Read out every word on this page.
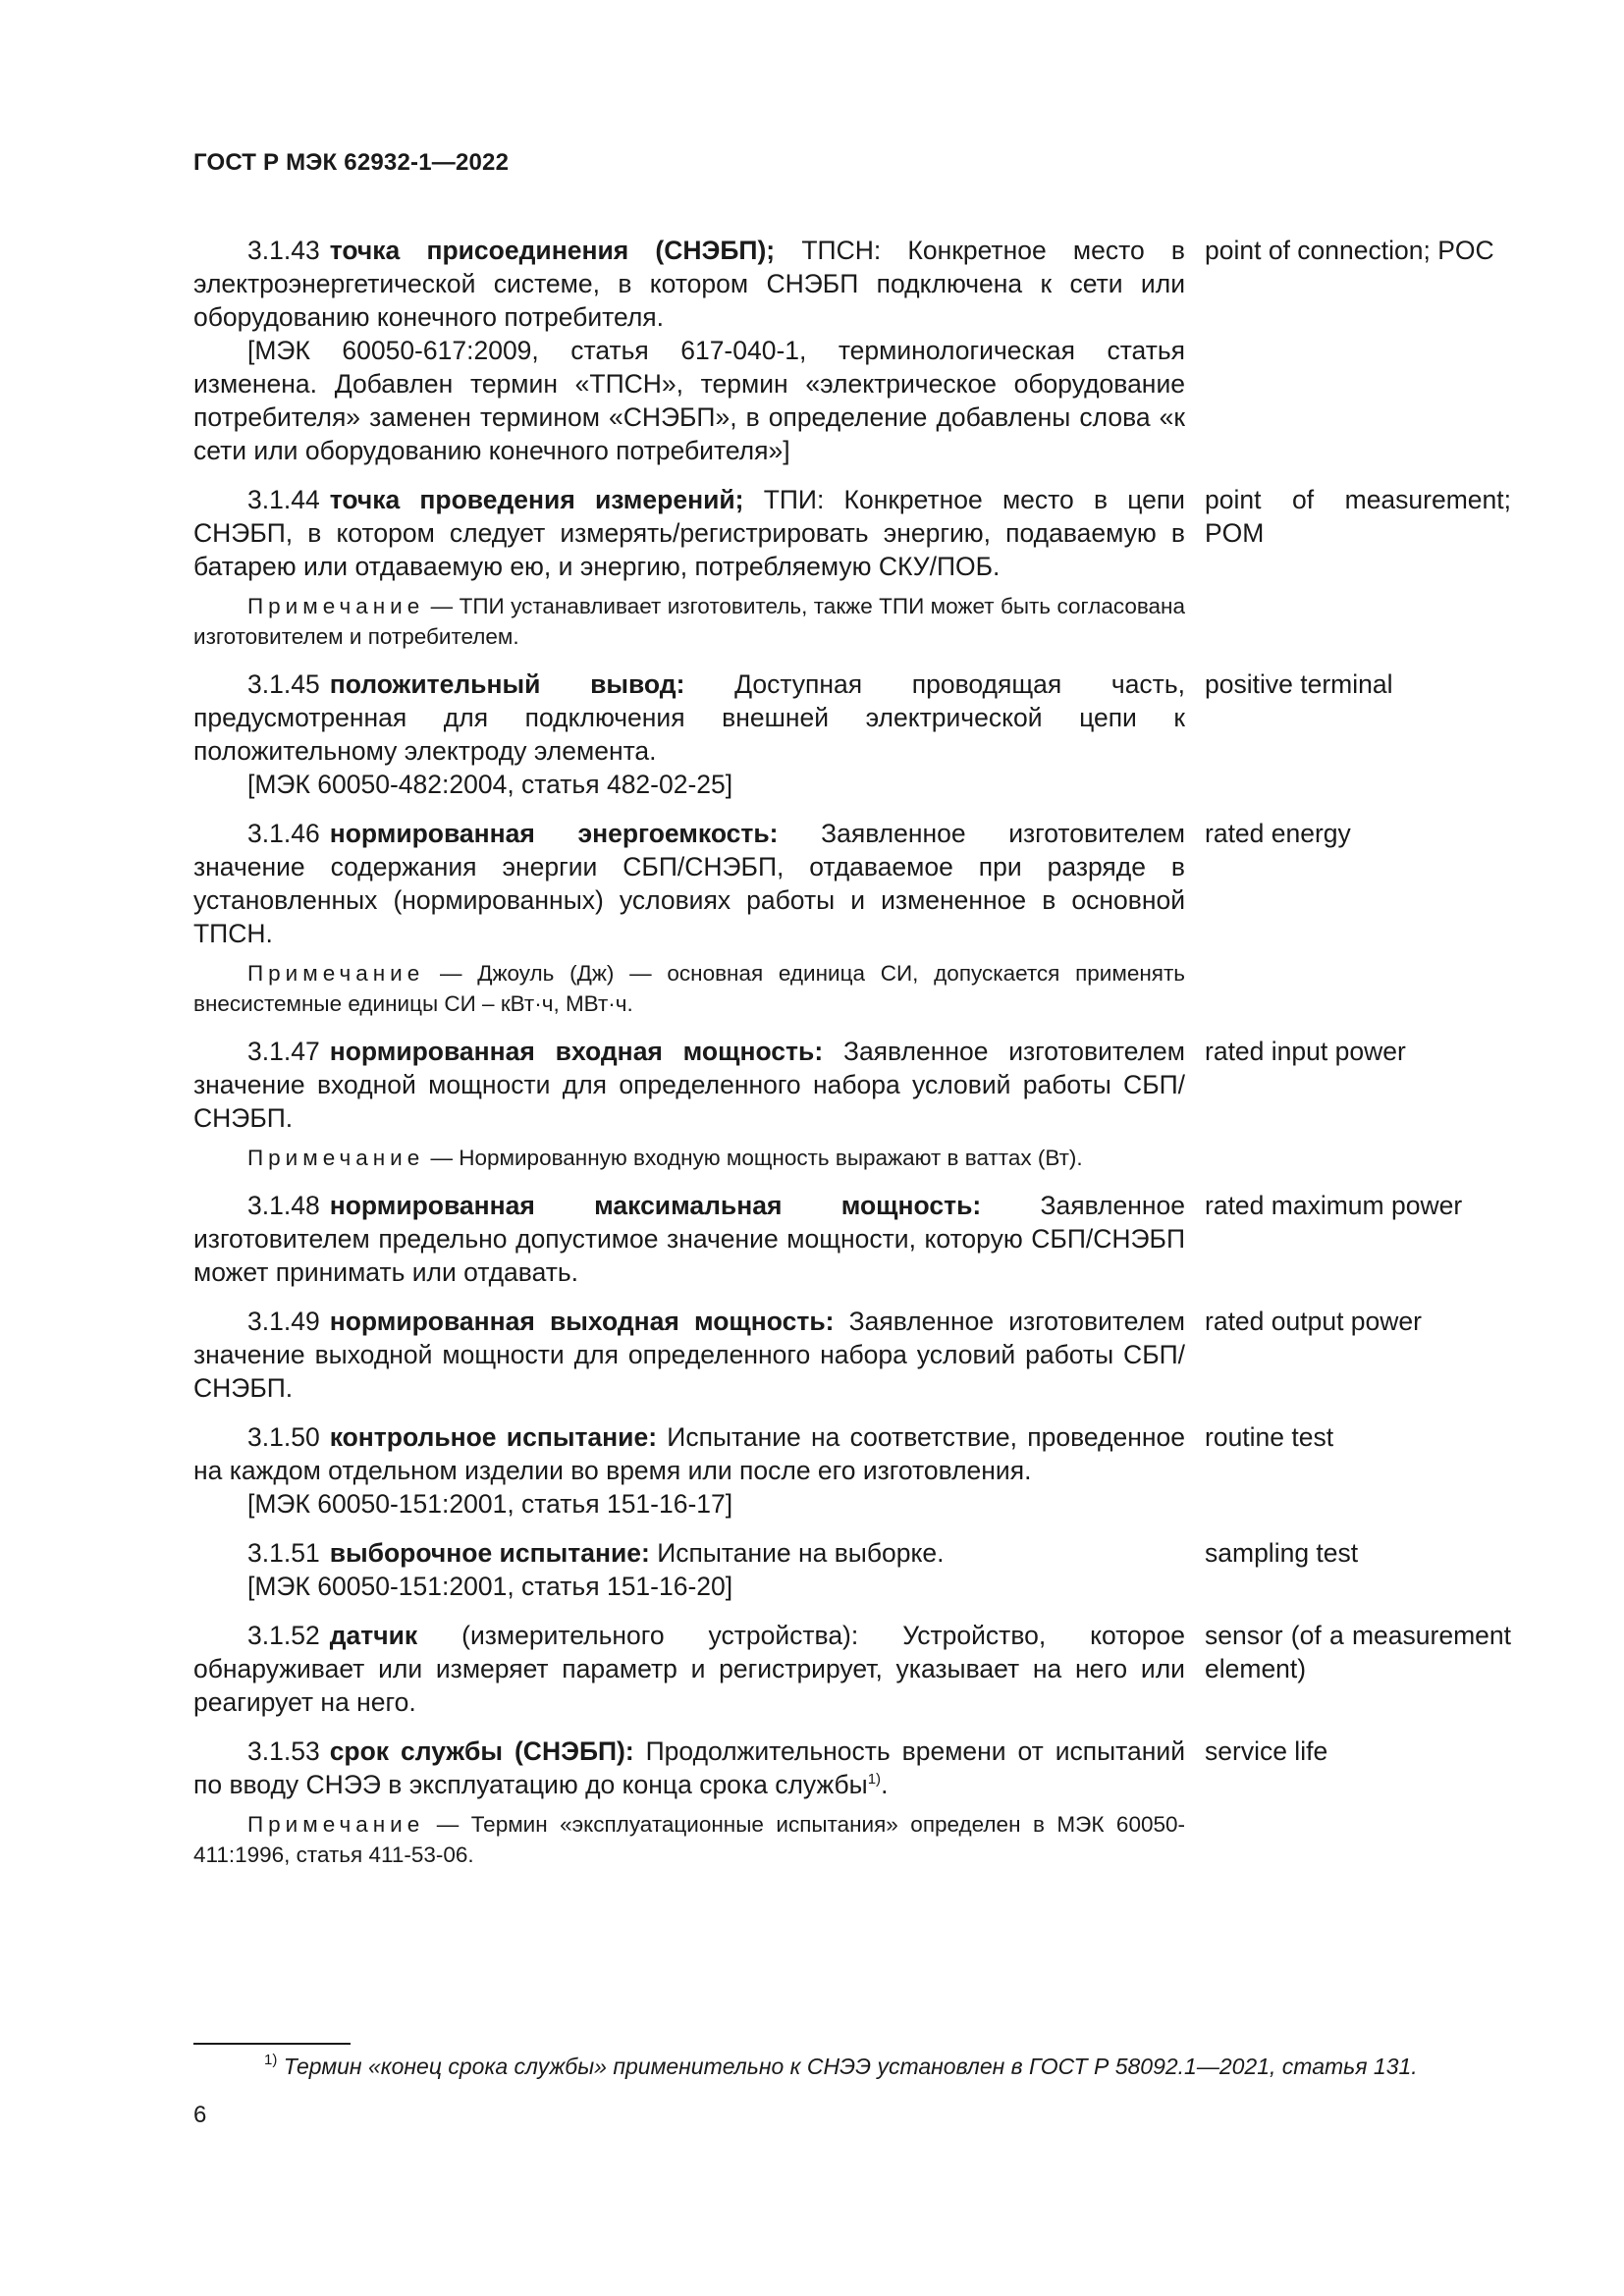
ГОСТ Р МЭК 62932-1—2022

3.1.43 точка присоединения (СНЭБП); ТПСН: Конкретное место в электроэнергетической системе, в котором СНЭБП подключена к сети или оборудованию конечного потребителя.

[МЭК 60050-617:2009, статья 617-040-1, терминологическая статья изменена. Добавлен термин «ТПСН», термин «электрическое оборудование потребителя» заменен термином «СНЭБП», в определение добавлены слова «к сети или оборудованию конечного потребителя»]

point of connection; POC

3.1.44 точка проведения измерений; ТПИ: Конкретное место в цепи СНЭБП, в котором следует измерять/регистрировать энергию, подаваемую в батарею или отдаваемую ею, и энергию, потребляемую СКУ/ПОБ.

Примечание — ТПИ устанавливает изготовитель, также ТПИ может быть согласована изготовителем и потребителем.

point of measurement; POM

3.1.45 положительный вывод: Доступная проводящая часть, предусмотренная для подключения внешней электрической цепи к положительному электроду элемента.

[МЭК 60050-482:2004, статья 482-02-25]

positive terminal

3.1.46 нормированная энергоемкость: Заявленное изготовителем значение содержания энергии СБП/СНЭБП, отдаваемое при разряде в установленных (нормированных) условиях работы и измененное в основной ТПСН.

Примечание — Джоуль (Дж) — основная единица СИ, допускается применять внесистемные единицы СИ – кВт·ч, МВт·ч.

rated energy

3.1.47 нормированная входная мощность: Заявленное изготовителем значение входной мощности для определенного набора условий работы СБП/СНЭБП.

Примечание — Нормированную входную мощность выражают в ваттах (Вт).

rated input power

3.1.48 нормированная максимальная мощность: Заявленное изготовителем предельно допустимое значение мощности, которую СБП/СНЭБП может принимать или отдавать.

rated maximum power

3.1.49 нормированная выходная мощность: Заявленное изготовителем значение выходной мощности для определенного набора условий работы СБП/СНЭБП.

rated output power

3.1.50 контрольное испытание: Испытание на соответствие, проведенное на каждом отдельном изделии во время или после его изготовления.

[МЭК 60050-151:2001, статья 151-16-17]

routine test

3.1.51 выборочное испытание: Испытание на выборке.

[МЭК 60050-151:2001, статья 151-16-20]

sampling test

3.1.52 датчик (измерительного устройства): Устройство, которое обнаруживает или измеряет параметр и регистрирует, указывает на него или реагирует на него.

sensor (of a measurement element)

3.1.53 срок службы (СНЭБП): Продолжительность времени от испытаний по вводу СНЭЭ в эксплуатацию до конца срока службы$^{1)}$.

Примечание — Термин «эксплуатационные испытания» определен в МЭК 60050-411:1996, статья 411-53-06.

service life
$^{1)}$ Термин «конец срока службы» применительно к СНЭЭ установлен в ГОСТ Р 58092.1—2021, статья 131.
6
